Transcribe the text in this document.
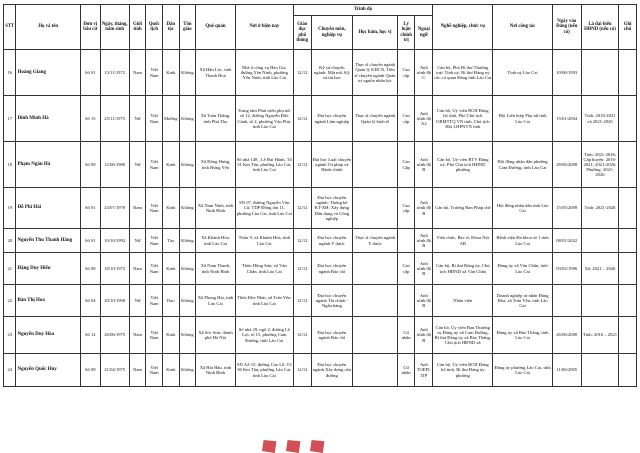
STT	Họ và tên	Đơn vị bầu cử	Ngày, tháng, năm sinh	Giới tính	Quốc tịch	Dân tộc	Tôn giáo	Quê quán	Nơi ở hiện nay	Trình độ					Nghề nghiệp, chức vụ	Nơi công tác	Ngày vào Đảng (nếu có)	Là đại biểu HĐND (nếu có)	Ghi chú
										Giáo dục phổ thông	Chuyên môn, nghiệp vụ	Học hàm, học vị	Lý luận chính trị	Ngoại ngữ					
16	Hoàng Giang	Số 01	13/11/1972	Nam	Việt Nam	Kinh	Không	Xã Hậu Lộc, tỉnh Thanh Hoá	Nhà ở công vụ Hào Gia, đường Yên Ninh, phường Yên Ninh, tỉnh Lào Cai	12/12	Kỹ sư chuyên ngành: Mật mã, Kỹ sư tin học	Thạc sĩ chuyên ngành Quản lý KHCN, Tiến sĩ chuyên ngành Quản trị nguồn nhân lực	Cao cấp	Anh trình độ C	Cán bộ, Phó Bí thư Thường trực Tỉnh uỷ, Bí thư Đảng uỷ các cơ quan Đảng tỉnh Lào Cai	Tỉnh uỷ Lào Cai	10/06/1993		
17	Đinh Minh Hà	Số 15	25/11/1975	Nữ	Việt Nam	Mường	Không	Xã Toàn Thắng, tỉnh Phú Thọ	Trung tâm Phát triển phụ nữ, số 12, đường Nguyễn Đức Cảnh, tổ 2, phường Văn Phú, tỉnh Lào Cai	12/12	Đại học chuyên ngành Lâm nghiệp	Thạc sĩ chuyên ngành Quản lý kinh tế	Cao cấp	Anh trình độ A2	Cán bộ, Uỷ viên BCH Đảng bộ tỉnh, Phó Chủ tịch UBMTTQ VN tỉnh, Chủ tịch Hội LHPNVN tỉnh	Hội Liên hiệp Phụ nữ tỉnh Lào Cai	15/01/2004	Tỉnh: 2016-2021 và 2021-2026	
18	Phạm Ngân Hà	Số 09	12/06/1980	Nữ	Việt Nam	Kinh	Không	Xã Đông Hưng, tỉnh Hưng Yên	Số nhà 148 , Lê Đại Hành, Tổ 31 Km Tân, phường Lào Cai, tỉnh Lào Cai	12/12	Đại học Luật chuyên ngành Tư pháp và Hành chính		Cao Cấp	Anh trình độ B	Cán bộ, Uỷ viên BTV Đảng uỷ, Phó Chủ tịch HĐND phường	Hội đồng nhân dân phường Cam Đường, tỉnh Lào Cai	28/06/2008	Tỉnh: 2021-2026; Cấp huyện: 2016-2021; 2021-2026; Phường: 2021-2026	
19	Đỗ Phi Hải	Số 01	23/07/1978	Nam	Việt Nam	Kinh	Không	Xã Nam Ninh, tỉnh Ninh Bình	SN 07, đường Nguyễn Văn Cừ, TDP Đồng tân 11, phường Lào Cai, tỉnh Lào Cai	12/12	Đại học chuyên ngành: Thống kê KT-XH; Xây dựng Dân dụng và Công nghiệp		Cao cấp	Anh trình độ B	Cán bộ, Trưởng Ban Pháp chế	Hội đồng nhân dân tỉnh Lào Cai	15/05/2009	Tỉnh: 2021-2026	
20	Nguyễn Thu Thanh Hằng	Số 01	10/10/1992	Nữ	Việt Nam	Tày	Không	Xã Khánh Hòa, tỉnh Lào Cai	Thôn 9, xã Khánh Hòa, tỉnh Lào Cai	12/12	Đại học chuyên ngành Y dược	Thạc sĩ chuyên ngành Y dược		Anh trình độ B	Viên chức, Bác sĩ, Khoa Nội AB	Bệnh viện Đa khoa số 1 tỉnh Lào Cai	08/01/2022		
21	Đặng Duy Hiếu	Số 08	18/10/1972	Nam	Việt Nam	Kinh	Không	Xã Nam Thanh, tỉnh Ninh Bình	Thôn Hồng Sơn, xã Văn Chấn, tỉnh Lào Cai	12/12	Đại học chuyên ngành Báo chí		Cao cấp	Anh trình độ B	Cán bộ, Bí thư Đảng ủy, Chủ tịch HĐND xã Văn Chấn	Đảng ủy xã Văn Chấn, tỉnh Lào Cai	03/02/1996	Xã: 2021 – 2026	
22	Bàn Thị Hoa	Số 04	20/10/1990	Nữ	Việt Nam	Dao	Không	Xã Phong Hải, tỉnh Lào Cai	Thôn Khe Nhài, xã Trấn Yên, tỉnh Lào Cai	12/12	Đại học chuyên ngành Tài chính - Ngân hàng			Anh trình độ B	Nhân viên	Doanh nghiệp tư nhân Đăng Hòa, xã Trấn Yên, tỉnh Lào Cai			
23	Nguyễn Duy Hòa	Số 12	26/06/1975	Nam	Việt Nam	Kinh	Không	Xã Sóc Sơn, thành phố Hà Nội	Số nhà 29, ngõ 2, đường Lê Lợi, tổ 15, phường Cam Đường, tỉnh Lào Cai	12/12	Đại học chuyên ngành Báo chí		Cử nhân	Anh trình độ B	Cán bộ, Ủy viên Ban Thường vụ Đảng ủy xã Cam Đường, Bí thư Đảng ủy xã Bảo Thắng, Chủ tịch HĐND xã	Đảng ủy xã Bảo Thắng, tỉnh Lào Cai	26/06/2000	Tỉnh: 2016 – 2021	
24	Nguyễn Quốc Huy	Số 09	21/04/1975	Nam	Việt Nam	Kinh	Không	Xã Hải Hậu, tỉnh Ninh Bình	SN A2-15, đường Cao Lỗ, Tổ 36 Km Tân, phường Lào Cai, tỉnh Lào Cai	12/12	Đại học chuyên ngành Xây dựng cầu đường		Cử nhân	Anh TOEFL ITP	Cán bộ, Ủy viên BCH Đảng bộ tỉnh, Bí thư Đảng ủy phường	Đảng ủy phường Lào Cai, tỉnh Lào Cai	11/06/2005		
